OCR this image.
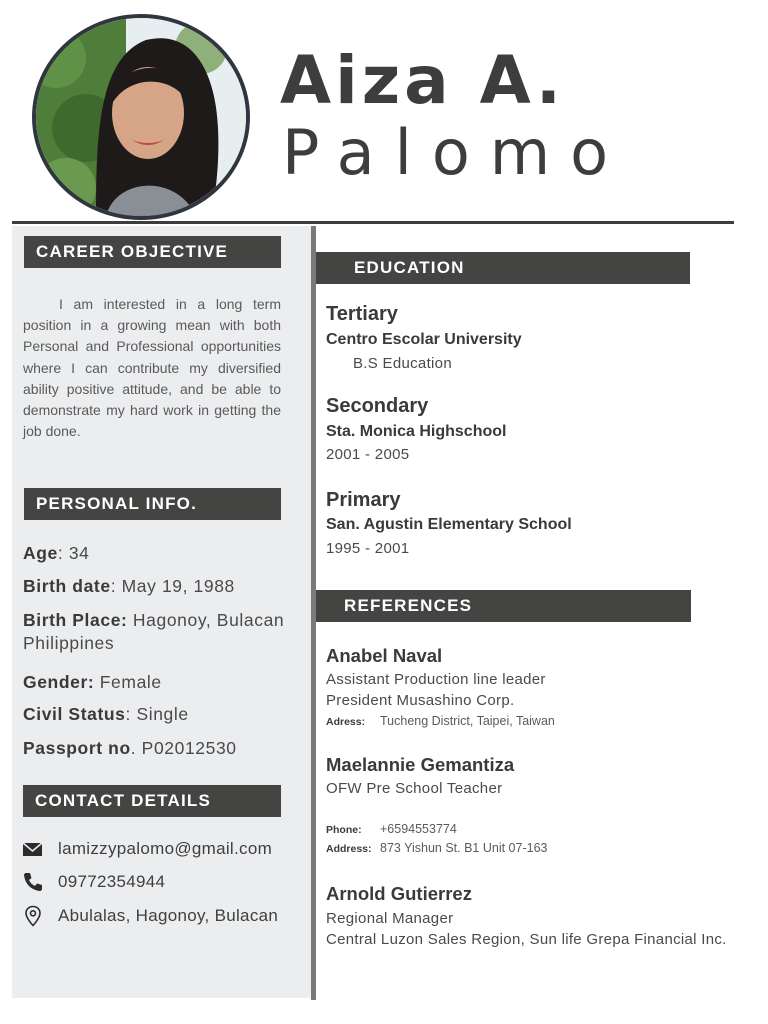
Aiza A.
Palomo
CAREER OBJECTIVE
I am interested in a long term position in a growing mean with both Personal and Professional opportunities where I can contribute my diversified ability positive attitude, and be able to demonstrate my hard work in getting the job done.
PERSONAL INFO.
Age: 34
Birth date: May 19, 1988
Birth Place: Hagonoy, Bulacan Philippines
Gender: Female
Civil Status: Single
Passport no. P02012530
CONTACT DETAILS
lamizzypalomo@gmail.com
09772354944
Abulalas, Hagonoy, Bulacan
EDUCATION
Tertiary
Centro Escolar University
B.S Education
Secondary
Sta. Monica Highschool
2001 - 2005
Primary
San. Agustin Elementary School
1995 - 2001
REFERENCES
Anabel Naval
Assistant Production line leader
President Musashino Corp.
Adress: Tucheng District, Taipei, Taiwan
Maelannie Gemantiza
OFW Pre School Teacher
Phone: +6594553774
Address: 873 Yishun St. B1 Unit 07-163
Arnold Gutierrez
Regional Manager
Central Luzon Sales Region, Sun life Grepa Financial Inc.
